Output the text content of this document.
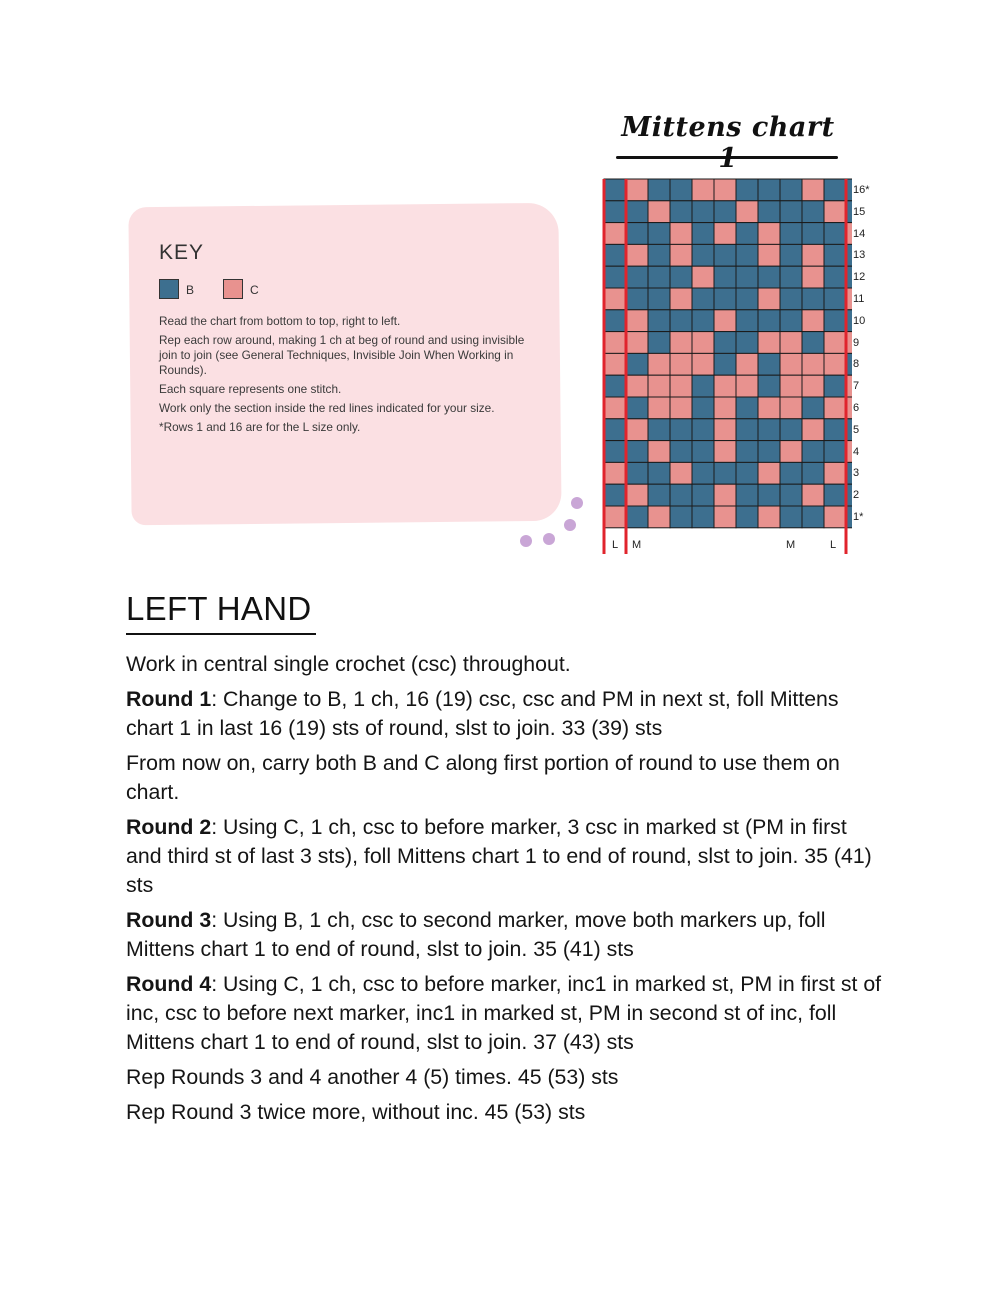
Mittens chart
KEY
B	C

Read the chart from bottom to top, right to left.

Rep each row around, making 1 ch at beg of round and using invisible join to join (see General Techniques, Invisible Join When Working in Rounds).

Each square represents one stitch.

Work only the section inside the red lines indicated for your size.

*Rows 1 and 16 are for the L size only.

16*
15
14
13
12
11
10
9
8
7
6
5
4
3
2
1*
L M	M	L
LEFT HAND

Work in central single crochet (csc) throughout.

Round 1: Change to B, 1 ch, 16 (19) csc, csc and PM in next st, foll Mittens chart 1 in last 16 (19) sts of round, slst to join. 33 (39) sts

From now on, carry both B and C along first portion of round to use them on chart.

Round 2: Using C, 1 ch, csc to before marker, 3 csc in marked st (PM in first and third st of last 3 sts), foll Mittens chart 1 to end of round, slst to join. 35 (41) sts

Round 3: Using B, 1 ch, csc to second marker, move both markers up, foll Mittens chart 1 to end of round, slst to join. 35 (41) sts

Round 4: Using C, 1 ch, csc to before marker, inc1 in marked st, PM in first st of inc, csc to before next marker, inc1 in marked st, PM in second st of inc, foll Mittens chart 1 to end of round, slst to join. 37 (43) sts

Rep Rounds 3 and 4 another 4 (5) times. 45 (53) sts

Rep Round 3 twice more, without inc. 45 (53) sts
